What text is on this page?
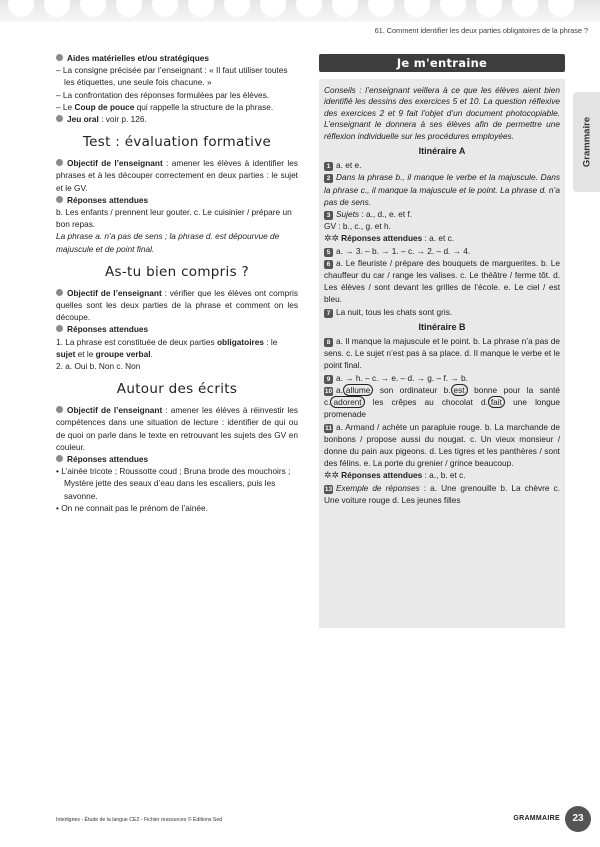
61. Comment identifier les deux parties obligatoires de la phrase ?
Grammaire

Aides matérielles et/ou stratégiques

– La consigne précisée par l’enseignant : « Il faut utiliser toutes les étiquettes, une seule fois chacune. »

– La confrontation des réponses formulées par les élèves.

– Le Coup de pouce qui rappelle la structure de la phrase.

Jeu oral : voir p. 126.

Test : évaluation formative

Objectif de l’enseignant : amener les élèves à identifier les phrases et à les découper correctement en deux parties : le sujet et le GV.

Réponses attendues

b. Les enfants / prennent leur gouter. c. Le cuisinier / prépare un bon repas.

La phrase a. n’a pas de sens ; la phrase d. est dépourvue de majuscule et de point final.

As-tu bien compris ?

Objectif de l’enseignant : vérifier que les élèves ont compris quelles sont les deux parties de la phrase et comment on les découpe.

Réponses attendues

1. La phrase est constituée de deux parties obligatoires : le sujet et le groupe verbal.

2. a. Oui b. Non c. Non

Autour des écrits

Objectif de l’enseignant : amener les élèves à réinvestir les compétences dans une situation de lecture : identifier de qui ou de quoi on parle dans le texte en retrouvant les sujets des GV en couleur.

Réponses attendues

• L’ainée tricote ; Roussotte coud ; Bruna brode des mouchoirs ; Mystère jette des seaux d’eau dans les escaliers, puis les savonne.

• On ne connait pas le prénom de l’ainée.

Je m'entraine

Conseils : l’enseignant veillera à ce que les élèves aient bien identifié les dessins des exercices 5 et 10. La question réflexive des exercices 2 et 9 fait l’objet d’un document photocopiable. L’enseignant le donnera à ses élèves afin de permettre une réflexion individuelle sur les procédures employées.

Itinéraire A

1 a. et e.

2 Dans la phrase b., il manque le verbe et la majuscule. Dans la phrase c., il manque la majuscule et le point. La phrase d. n’a pas de sens.

3 Sujets : a., d., e. et f.

GV : b., c., g. et h.

✲✲ Réponses attendues : a. et c.

5 a. → 3. – b. → 1. – c. → 2. – d. → 4.

6 a. Le fleuriste / prépare des bouquets de marguerites. b. Le chauffeur du car / range les valises. c. Le théâtre / ferme tôt. d. Les élèves / sont devant les grilles de l’école. e. Le ciel / est bleu.

7 La nuit, tous les chats sont gris.

Itinéraire B

8 a. Il manque la majuscule et le point. b. La phrase n’a pas de sens. c. Le sujet n’est pas à sa place. d. Il manque le verbe et le point final.

9 a. → h. – c. → e. – d. → g. – f. → b.

10 a. allume son ordinateur b. est bonne pour la santé c. adorent les crêpes au chocolat d. fait une longue promenade

11 a. Armand / achète un parapluie rouge. b. La marchande de bonbons / propose aussi du nougat. c. Un vieux monsieur / donne du pain aux pigeons. d. Les tigres et les panthères / sont des félins. e. La porte du grenier / grince beaucoup.

✲✲ Réponses attendues : a., b. et c.

13 Exemple de réponses : a. Une grenouille b. La chèvre c. Une voiture rouge d. Les jeunes filles

Interlignes - Étude de la langue CE2 - Fichier ressources © Éditions Sed	GRAMMAIRE	23
